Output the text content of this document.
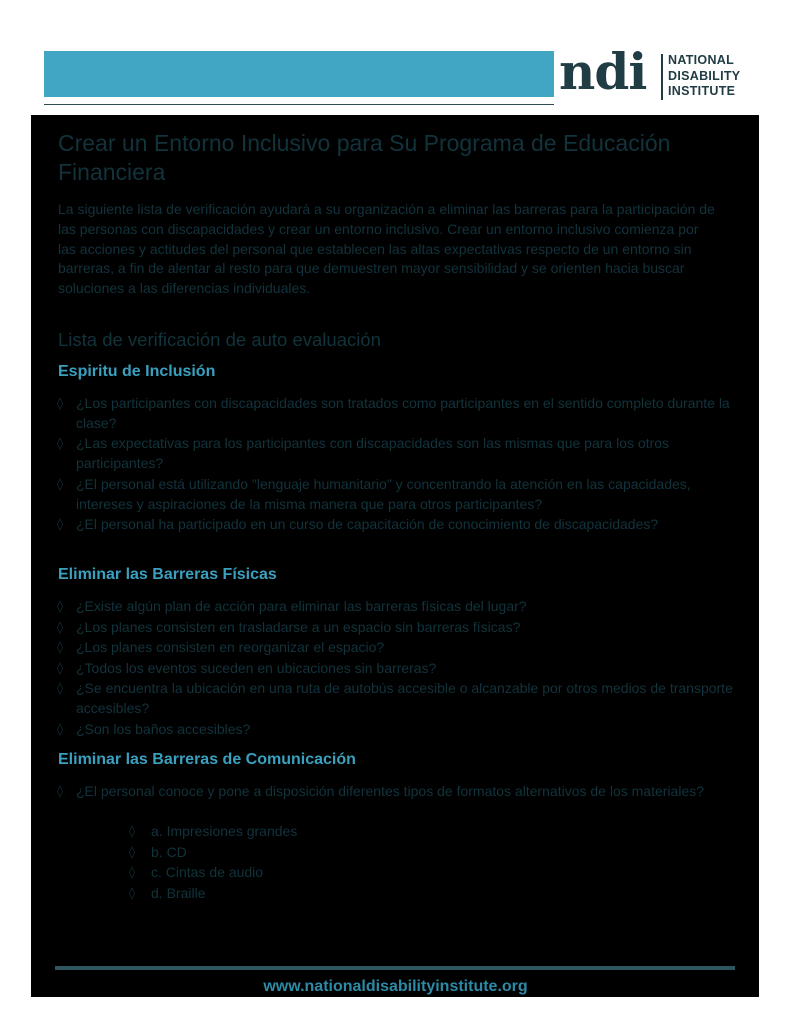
ndi NATIONAL
DISABILITY
INSTITUTE
Crear un Entorno Inclusivo para Su Programa de Educación Financiera

La siguiente lista de verificación ayudará a su organización a eliminar las barreras para la participación de las personas con discapacidades y crear un entorno inclusivo. Crear un entorno inclusivo comienza por las acciones y actitudes del personal que establecen las altas expectativas respecto de un entorno sin barreras, a fin de alentar al resto para que demuestren mayor sensibilidad y se orienten hacia buscar soluciones a las diferencias individuales.

Lista de verificación de auto evaluación
Espiritu de Inclusión
◊ ¿Los participantes con discapacidades son tratados como participantes en el sentido completo durante la clase?
◊ ¿Las expectativas para los participantes con discapacidades son las mismas que para los otros participantes?
◊ ¿El personal está utilizando "lenguaje humanitario" y concentrando la atención en las capacidades, intereses y aspiraciones de la misma manera que para otros participantes?
◊ ¿El personal ha participado en un curso de capacitación de conocimiento de discapacidades?
Eliminar las Barreras Físicas
◊ ¿Existe algún plan de acción para eliminar las barreras físicas del lugar?
◊ ¿Los planes consisten en trasladarse a un espacio sin barreras físicas?
◊ ¿Los planes consisten en reorganizar el espacio?
◊ ¿Todos los eventos suceden en ubicaciones sin barreras?
◊ ¿Se encuentra la ubicación en una ruta de autobús accesible o alcanzable por otros medios de transporte accesibles?
◊ ¿Son los baños accesibles?
Eliminar las Barreras de Comunicación
◊ ¿El personal conoce y pone a disposición diferentes tipos de formatos alternativos de los materiales?
◊ a. Impresiones grandes
◊ b. CD
◊ c. Cintas de audio
◊ d. Braille
www.nationaldisabilityinstitute.org
